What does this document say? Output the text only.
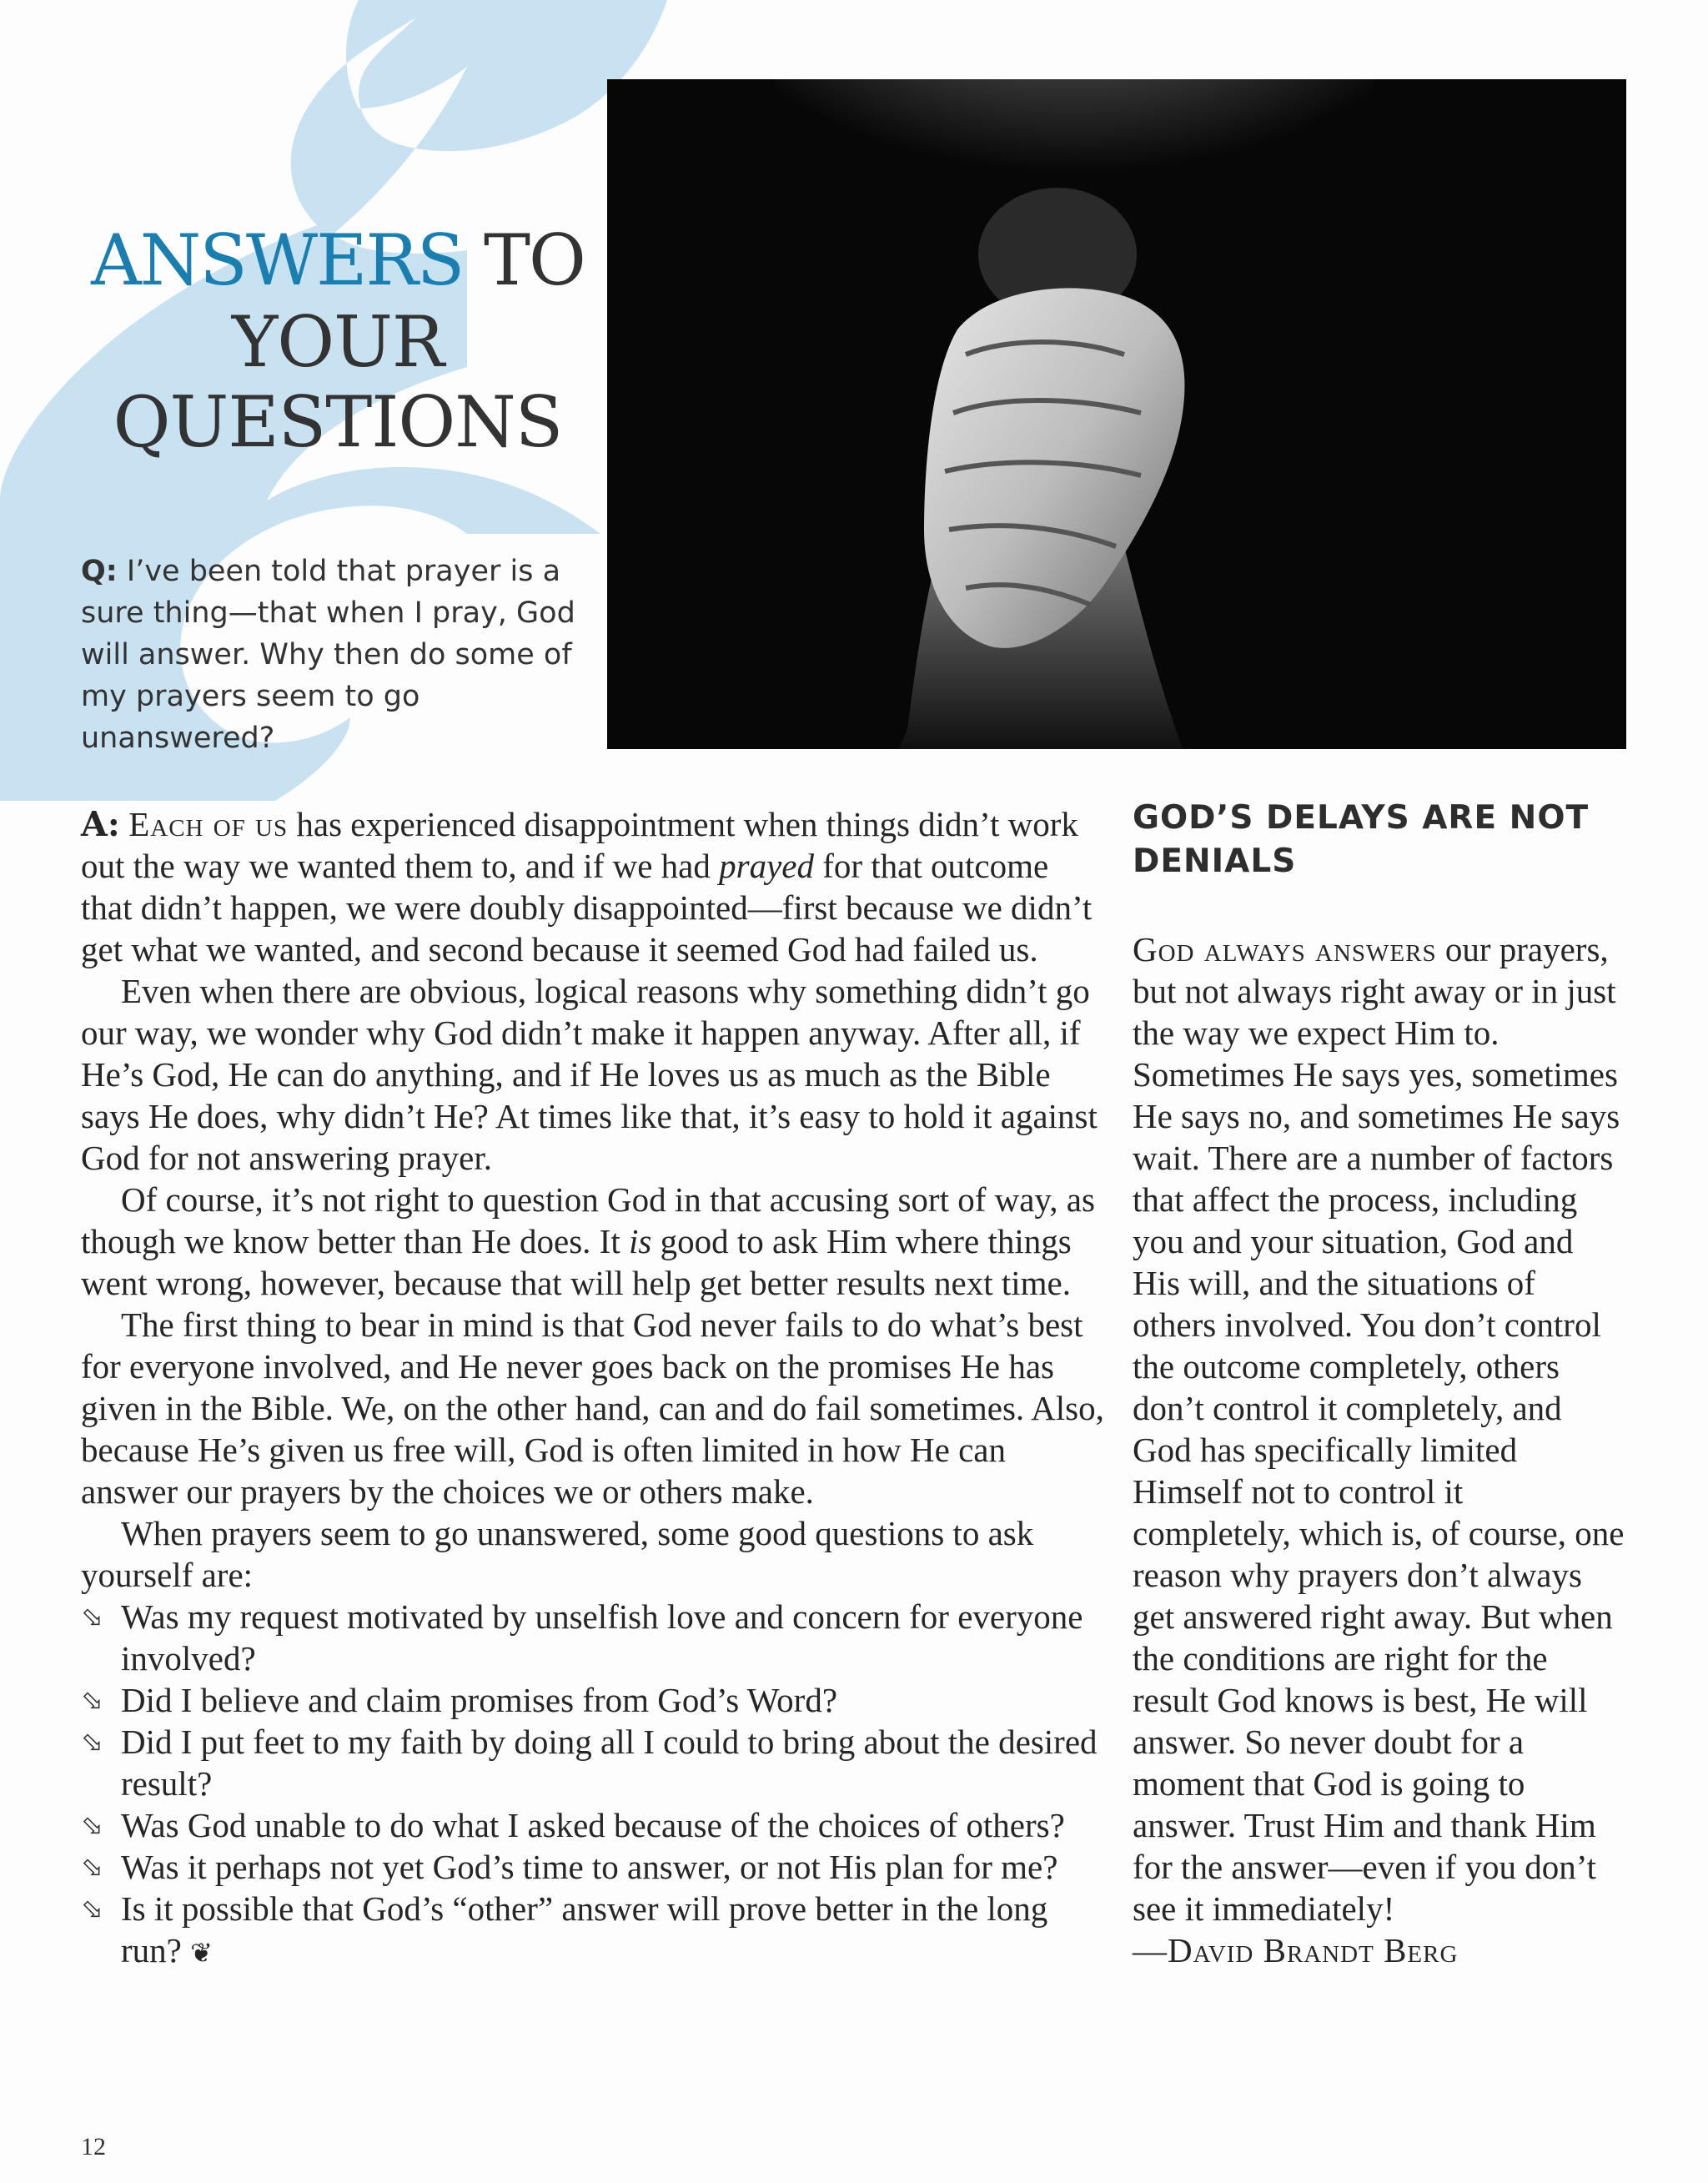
ANSWERS TO
YOUR
QUESTIONS
Q: I’ve been told that prayer is a sure thing—that when I pray, God will answer. Why then do some of my prayers seem to go unanswered?

A: Each of us has experienced disappointment when things didn’t work out the way we wanted them to, and if we had prayed for that outcome that didn’t happen, we were doubly disappointed—first because we didn’t get what we wanted, and second because it seemed God had failed us.

Even when there are obvious, logical reasons why something didn’t go our way, we wonder why God didn’t make it happen anyway. After all, if He’s God, He can do anything, and if He loves us as much as the Bible says He does, why didn’t He? At times like that, it’s easy to hold it against God for not answering prayer.

Of course, it’s not right to question God in that accusing sort of way, as though we know better than He does. It is good to ask Him where things went wrong, however, because that will help get better results next time.

The first thing to bear in mind is that God never fails to do what’s best for everyone involved, and He never goes back on the promises He has given in the Bible. We, on the other hand, can and do fail sometimes. Also, because He’s given us free will, God is often limited in how He can answer our prayers by the choices we or others make.

When prayers seem to go unanswered, some good questions to ask yourself are:

⬂ Was my request motivated by unselfish love and concern for everyone involved?
⬂ Did I believe and claim promises from God’s Word?
⬂ Did I put feet to my faith by doing all I could to bring about the desired result?
⬂ Was God unable to do what I asked because of the choices of others?
⬂ Was it perhaps not yet God’s time to answer, or not His plan for me?
⬂ Is it possible that God’s “other” answer will prove better in the long run? ❦
GOD’S DELAYS ARE NOT DENIALS

God always answers our prayers, but not always right away or in just the way we expect Him to. Sometimes He says yes, sometimes He says no, and sometimes He says wait. There are a number of factors that affect the process, including you and your situation, God and His will, and the situations of others involved. You don’t control the outcome completely, others don’t control it completely, and God has specifically limited Himself not to control it completely, which is, of course, one reason why prayers don’t always get answered right away. But when the conditions are right for the result God knows is best, He will answer. So never doubt for a moment that God is going to answer. Trust Him and thank Him for the answer—even if you don’t see it immediately!

—David Brandt Berg

12
